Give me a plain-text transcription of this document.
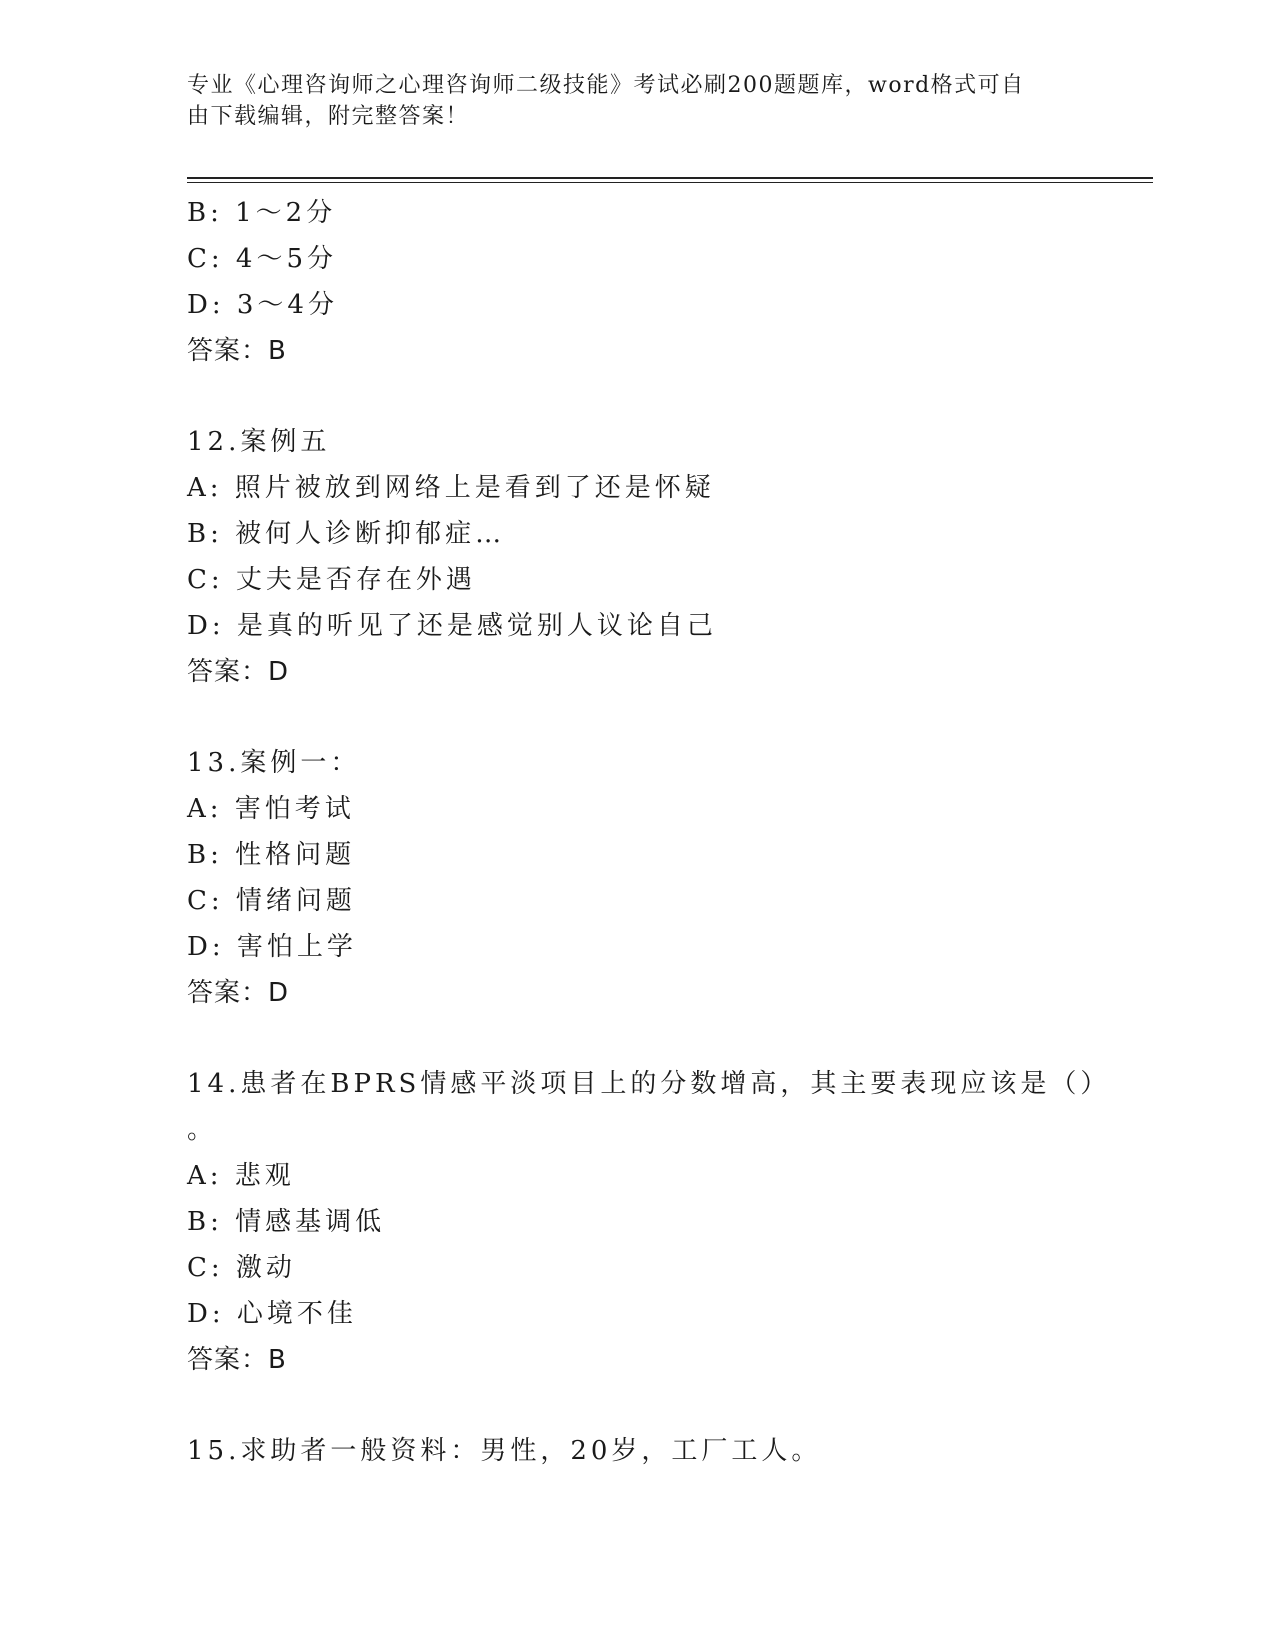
专业《心理咨询师之心理咨询师二级技能》考试必刷200题题库，word格式可自
由下载编辑，附完整答案！
B: 1～2分
C: 4～5分
D: 3～4分
答案：B
12.案例五
A: 照片被放到网络上是看到了还是怀疑
B: 被何人诊断抑郁症…
C: 丈夫是否存在外遇
D: 是真的听见了还是感觉别人议论自己
答案：D
13.案例一：
A: 害怕考试
B: 性格问题
C: 情绪问题
D: 害怕上学
答案：D
14.患者在BPRS情感平淡项目上的分数增高，其主要表现应该是（）
。
A: 悲观
B: 情感基调低
C: 激动
D: 心境不佳
答案：B
15.求助者一般资料：男性，20岁，工厂工人。
